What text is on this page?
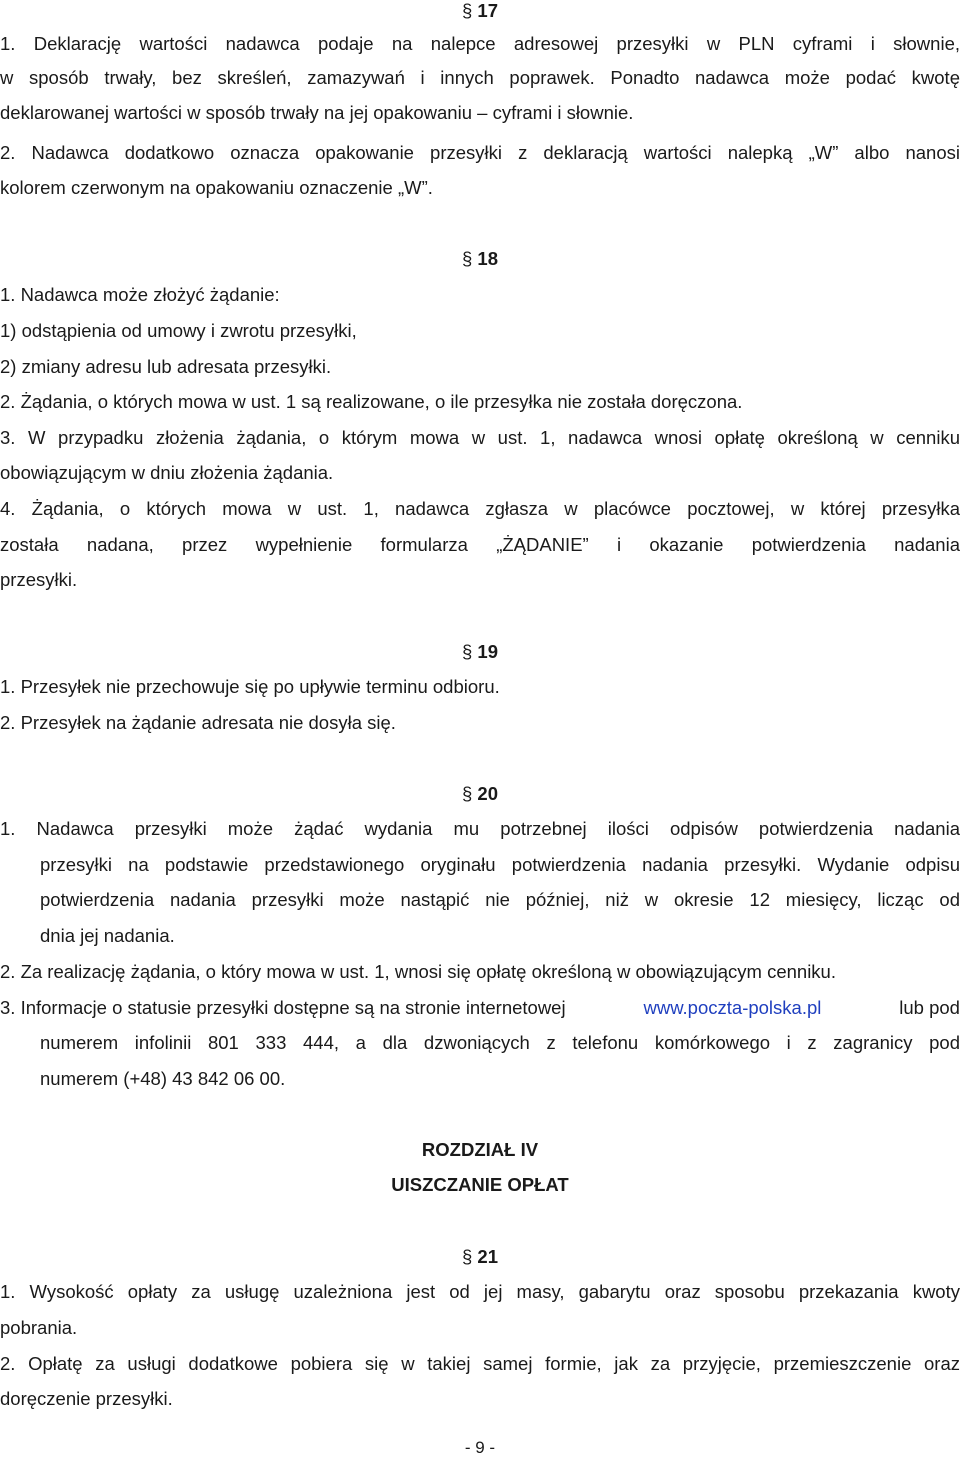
§ 17
1. Deklarację wartości nadawca podaje na nalepce adresowej przesyłki w PLN cyframi i słownie,
w sposób trwały, bez skreśleń, zamazywań i innych poprawek. Ponadto nadawca może podać kwotę
deklarowanej wartości w sposób trwały na jej opakowaniu – cyframi i słownie.
2. Nadawca dodatkowo oznacza opakowanie przesyłki z deklaracją wartości nalepką „W” albo nanosi
kolorem czerwonym na opakowaniu oznaczenie „W”.
§ 18
1. Nadawca może złożyć żądanie:
1) odstąpienia od umowy i zwrotu przesyłki,
2) zmiany adresu lub adresata przesyłki.
2. Żądania, o których mowa w ust. 1 są realizowane, o ile przesyłka nie została doręczona.
3. W przypadku złożenia żądania, o którym mowa w ust. 1, nadawca wnosi opłatę określoną w cenniku
obowiązującym w dniu złożenia żądania.
4. Żądania, o których mowa w ust. 1, nadawca zgłasza w placówce pocztowej, w której przesyłka
została nadana, przez wypełnienie formularza „ŻĄDANIE” i okazanie potwierdzenia nadania
przesyłki.
§ 19
1. Przesyłek nie przechowuje się po upływie terminu odbioru.
2. Przesyłek na żądanie adresata nie dosyła się.
§ 20
1. Nadawca przesyłki może żądać wydania mu potrzebnej ilości odpisów potwierdzenia nadania
przesyłki na podstawie przedstawionego oryginału potwierdzenia nadania przesyłki. Wydanie odpisu
potwierdzenia nadania przesyłki może nastąpić nie później, niż w okresie 12 miesięcy, licząc od
dnia jej nadania.
2. Za realizację żądania, o który mowa w ust. 1, wnosi się opłatę określoną w obowiązującym cenniku.
3. Informacje o statusie przesyłki dostępne są na stronie internetowej	www.poczta-polska.pl	lub pod
numerem infolinii 801 333 444, a dla dzwoniących z telefonu komórkowego i z zagranicy pod
numerem (+48) 43 842 06 00.
ROZDZIAŁ IV
UISZCZANIE OPŁAT
§ 21
1. Wysokość opłaty za usługę uzależniona jest od jej masy, gabarytu oraz sposobu przekazania kwoty
pobrania.
2. Opłatę za usługi dodatkowe pobiera się w takiej samej formie, jak za przyjęcie, przemieszczenie oraz
doręczenie przesyłki.
- 9 -
